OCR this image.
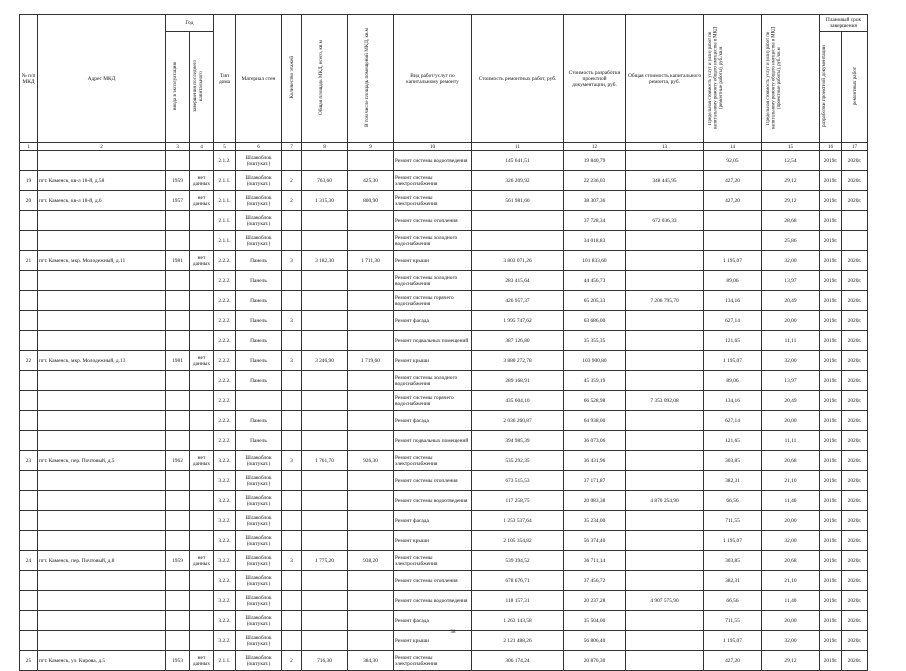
№ п/п МКД	Адрес МКД	Год		Тип дома	Материал стен	Количество этажей	Общая площадь МКД, всего, кв.м	В том числе площадь помещений МКД, кв.м	Вид работ/услуг по капитальному ремонту	Стоимость ремонтных работ, руб.	Стоимость разработки проектной документации, руб.	Общая стоимость капитального ремонта, руб.	Предельная стоимость услуг и (или) работ по капитальному ремонту общего имущества в МКД (ремонтные работы), руб./кв.м	Предельная стоимость услуг и (или) работ по капитальному ремонту общего имущества в МКД (проектные работы), руб./кв.м	Плановый срок завершения	
		ввода в эксплуатацию	завершения последнего капитального												разработки проектной документации	ремонтных работ
1	2	3	4	5	6	7	8	9	10	11	12	13	14	15	16	17
				2.1.2.	Шлакоблок (оштукат.)				Ремонт системы водоотведения	145 641,51	19 840,79		92,05	12,54	2019г.	2020г.
19	пгт. Каменск, кв-л 18-й, д.58	1959	нет данных	2.1.1.	Шлакоблок (оштукат.)	2	763,60	425,30	Ремонт системы электроснабжения	326 209,92	22 236,03	348 445,95	427,20	29,12	2019г.	2020г.
20	пгт. Каменск, кв-л 18-й, д.6	1957	нет данных	2.1.1.	Шлакоблок (оштукат.)	2	1 315,30	800,90	Ремонт системы электроснабжения	561 981,60	38 307,36		427,20	29,12	2019г.	2020г.
				2.1.1.	Шлакоблок (оштукат.)				Ремонт системы отопления		37 728,34	672 036,33		28,68	2019г.	
				2.1.1.	Шлакоблок (оштукат.)				Ремонт системы холодного водоснабжения		34 018,83			25,86	2019г.	
21	пгт. Каменск, мкр. Молодежный, д.11	1981	нет данных	2.2.2.	Панель	3	3 182,30	1 711,30	Ремонт крыши	3 803 071,26	101 833,60		1 195,07	32,00	2019г.	2020г.
				2.2.2.	Панель				Ремонт системы холодного водоснабжения	283 415,64	44 456,73		89,06	13,97	2019г.	2020г.
				2.2.2.	Панель				Ремонт системы горячего водоснабжения	426 957,37	65 205,33	7 206 795,70	134,16	20,49	2019г.	2020г.
				2.2.2.	Панель	3			Ремонт фасада	1 995 747,62	63 686,00		627,14	20,00	2019г.	2020г.
				2.2.2.	Панель				Ремонт подвальных помещений	387 126,80	35 355,35		121,65	11,11	2019г.	2020г.
22	пгт. Каменск, мкр. Молодежный, д.13	1981	нет данных	2.2.2.	Панель	3	3 246,90	1 719,60	Ремонт крыши	3 880 272,78	103 900,80		1 195,07	32,00	2019г.	2020г.
				2.2.2.	Панель				Ремонт системы холодного водоснабжения	289 168,91	45 359,19		89,06	13,97	2019г.	2020г.
				2.2.2.					Ремонт системы горячего водоснабжения	435 604,10	66 528,98	7 353 092,08	134,16	20,49	2019г.	2020г.
				2.2.2.	Панель				Ремонт фасада	2 036 260,87	64 938,00		627,14	20,00	2019г.	2020г.
				2.2.2.	Панель				Ремонт подвальных помещений	394 985,39	36 073,06		121,65	11,11	2019г.	2020г.
23	пгт. Каменск, пер. Почтовый, д.5	1962	нет данных	3.2.2.	Шлакоблок (оштукат.)	3	1 761,70	926,30	Ремонт системы электроснабжения	535 292,35	36 431,96		303,85	20,68	2019г.	2020г.
				3.2.2.	Шлакоблок (оштукат.)				Ремонт системы отопления	673 515,53	37 171,87		382,31	21,10	2019г.	2020г.
				3.2.2.	Шлакоблок (оштукат.)				Ремонт системы водоотведения	117 258,75	20 083,38	4 870 254,90	66,56	11,40	2019г.	2020г.
				3.2.2.	Шлакоблок (оштукат.)				Ремонт фасада	1 253 537,64	35 234,00		711,55	20,00	2019г.	2020г.
				3.2.2.	Шлакоблок (оштукат.)				Ремонт крыши	2 105 354,82	56 374,40		1 195,07	32,00	2019г.	2020г.
24	пгт. Каменск, пер. Почтовый, д.8	1959	нет данных	3.2.2.	Шлакоблок (оштукат.)	3	1 775,20	938,20	Ремонт системы электроснабжения	539 394,52	36 711,14		303,85	20,68	2019г.	2020г.
				3.2.2.	Шлакоблок (оштукат.)				Ремонт системы отопления	678 676,71	37 456,72		382,31	21,10	2019г.	2020г.
				3.2.2.	Шлакоблок (оштукат.)				Ремонт системы водоотведения	118 157,31	20 237,28	4 907 575,90	66,56	11,40	2019г.	2020г.
				3.2.2.	Шлакоблок (оштукат.)				Ремонт фасада	1 263 143,58	35 504,00		711,55	20,00	2019г.	2020г.
				3.2.2.	Шлакоблок (оштукат.)				Ремонт крыши	2 121 488,26	56 806,40		1 195,07	32,00	2019г.	2020г.
25	пгт. Каменск, ул. Кирова, д.5	1953	нет данных	2.1.1.	Шлакоблок (оштукат.)	2	716,30	384,30	Ремонт системы электроснабжения	306 174,24	20 870,30		427,20	29,12	2019г.	2020г.
38
